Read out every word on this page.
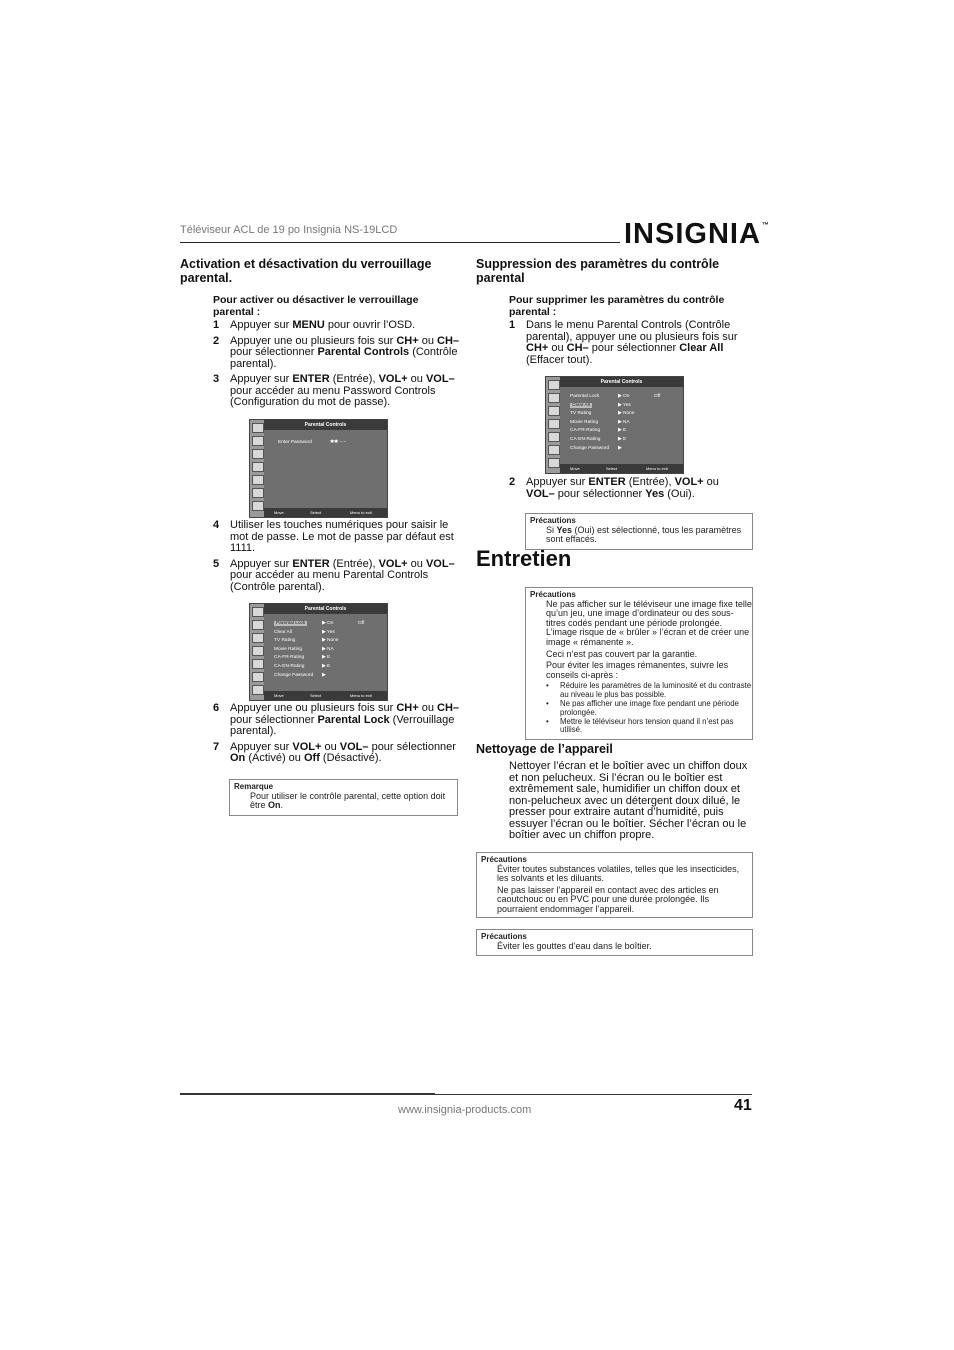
Téléviseur ACL de 19 po Insignia NS-19LCD	INSIGNIA™

Activation et désactivation du verrouillage parental.

Pour activer ou désactiver le verrouillage parental :
1 Appuyer sur MENU pour ouvrir l’OSD.
2 Appuyer une ou plusieurs fois sur CH+ ou CH– pour sélectionner Parental Controls (Contrôle parental).
3 Appuyer sur ENTER (Entrée), VOL+ ou VOL– pour accéder au menu Password Controls (Configuration du mot de passe).
Parental Controls
Enter Password	✱✱ – –
Move	Select	Menu to exit
4 Utiliser les touches numériques pour saisir le mot de passe. Le mot de passe par défaut est 1111.
5 Appuyer sur ENTER (Entrée), VOL+ ou VOL– pour accéder au menu Parental Controls (Contrôle parental).
Parental Controls
Parental Lock	▶ On	Off
Clear All	▶ Yes
TV Rating	▶ None
Movie Rating	▶ NA
CA-FR-Rating	▶ E
CA-EN-Rating	▶ E
Change Password ▶
Move	Select	Menu to exit
6 Appuyer une ou plusieurs fois sur CH+ ou CH– pour sélectionner Parental Lock (Verrouillage parental).
7 Appuyer sur VOL+ ou VOL– pour sélectionner On (Activé) ou Off (Désactivé).
Remarque
Pour utiliser le contrôle parental, cette option doit être On.

Suppression des paramètres du contrôle parental

Pour supprimer les paramètres du contrôle parental :
1 Dans le menu Parental Controls (Contrôle parental), appuyer une ou plusieurs fois sur CH+ ou CH– pour sélectionner Clear All (Effacer tout).
Parental Controls
Parental Lock	▶ On	Off
Clear All	▶ Yes
TV Rating	▶ None
Movie Rating	▶ NA
CA-FR-Rating	▶ E
CA-EN-Rating	▶ E
Change Password ▶
Move	Select	Menu to exit
2 Appuyer sur ENTER (Entrée), VOL+ ou VOL– pour sélectionner Yes (Oui).
Précautions
Si Yes (Oui) est sélectionné, tous les paramètres sont effacés.
Entretien
Précautions
Ne pas afficher sur le téléviseur une image fixe telle qu’un jeu, une image d’ordinateur ou des sous-titres codés pendant une période prolongée. L’image risque de « brûler » l’écran et de créer une image « rémanente ».
Ceci n’est pas couvert par la garantie.
Pour éviter les images rémanentes, suivre les conseils ci-après :
• Réduire les paramètres de la luminosité et du contraste au niveau le plus bas possible.
• Ne pas afficher une image fixe pendant une période prolongée.
• Mettre le téléviseur hors tension quand il n’est pas utilisé.

Nettoyage de l’appareil

Nettoyer l’écran et le boîtier avec un chiffon doux et non pelucheux. Si l’écran ou le boîtier est extrêmement sale, humidifier un chiffon doux et non-pelucheux avec un détergent doux dilué, le presser pour extraire autant d’humidité, puis essuyer l’écran ou le boîtier. Sécher l’écran ou le boîtier avec un chiffon propre.
Précautions
Éviter toutes substances volatiles, telles que les insecticides, les solvants et les diluants.
Ne pas laisser l’appareil en contact avec des articles en caoutchouc ou en PVC pour une durée prolongée. Ils pourraient endommager l’appareil.
Précautions
Éviter les gouttes d’eau dans le boîtier.
www.insignia-products.com	41
